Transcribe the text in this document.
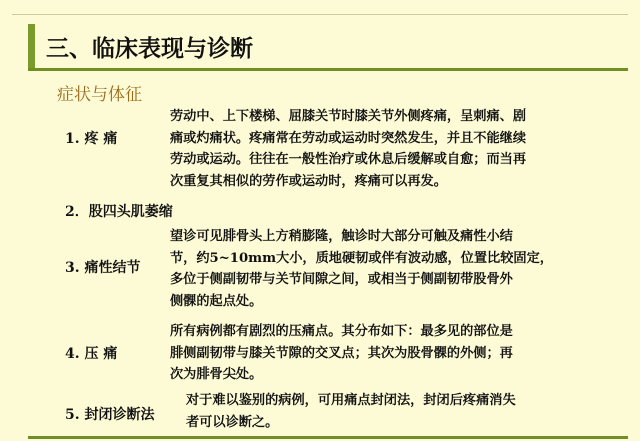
三、临床表现与诊断
症状与体征
1. 疼 痛
劳动中、上下楼梯、屈膝关节时膝关节外侧疼痛，呈刺痛、剧
痛或灼痛状。疼痛常在劳动或运动时突然发生，并且不能继续
劳动或运动。往往在一般性治疗或休息后缓解或自愈；而当再
次重复其相似的劳作或运动时，疼痛可以再发。
2．股四头肌萎缩
3. 痛性结节
望诊可见腓骨头上方稍膨隆，触诊时大部分可触及痛性小结
节，约5~10mm大小，质地硬韧或伴有波动感，位置比较固定，
多位于侧副韧带与关节间隙之间，或相当于侧副韧带股骨外
侧髁的起点处。
4. 压 痛
所有病例都有剧烈的压痛点。其分布如下：最多见的部位是
腓侧副韧带与膝关节隙的交叉点；其次为股骨髁的外侧；再
次为腓骨尖处。
5. 封闭诊断法
对于难以鉴别的病例，可用痛点封闭法，封闭后疼痛消失
者可以诊断之。
